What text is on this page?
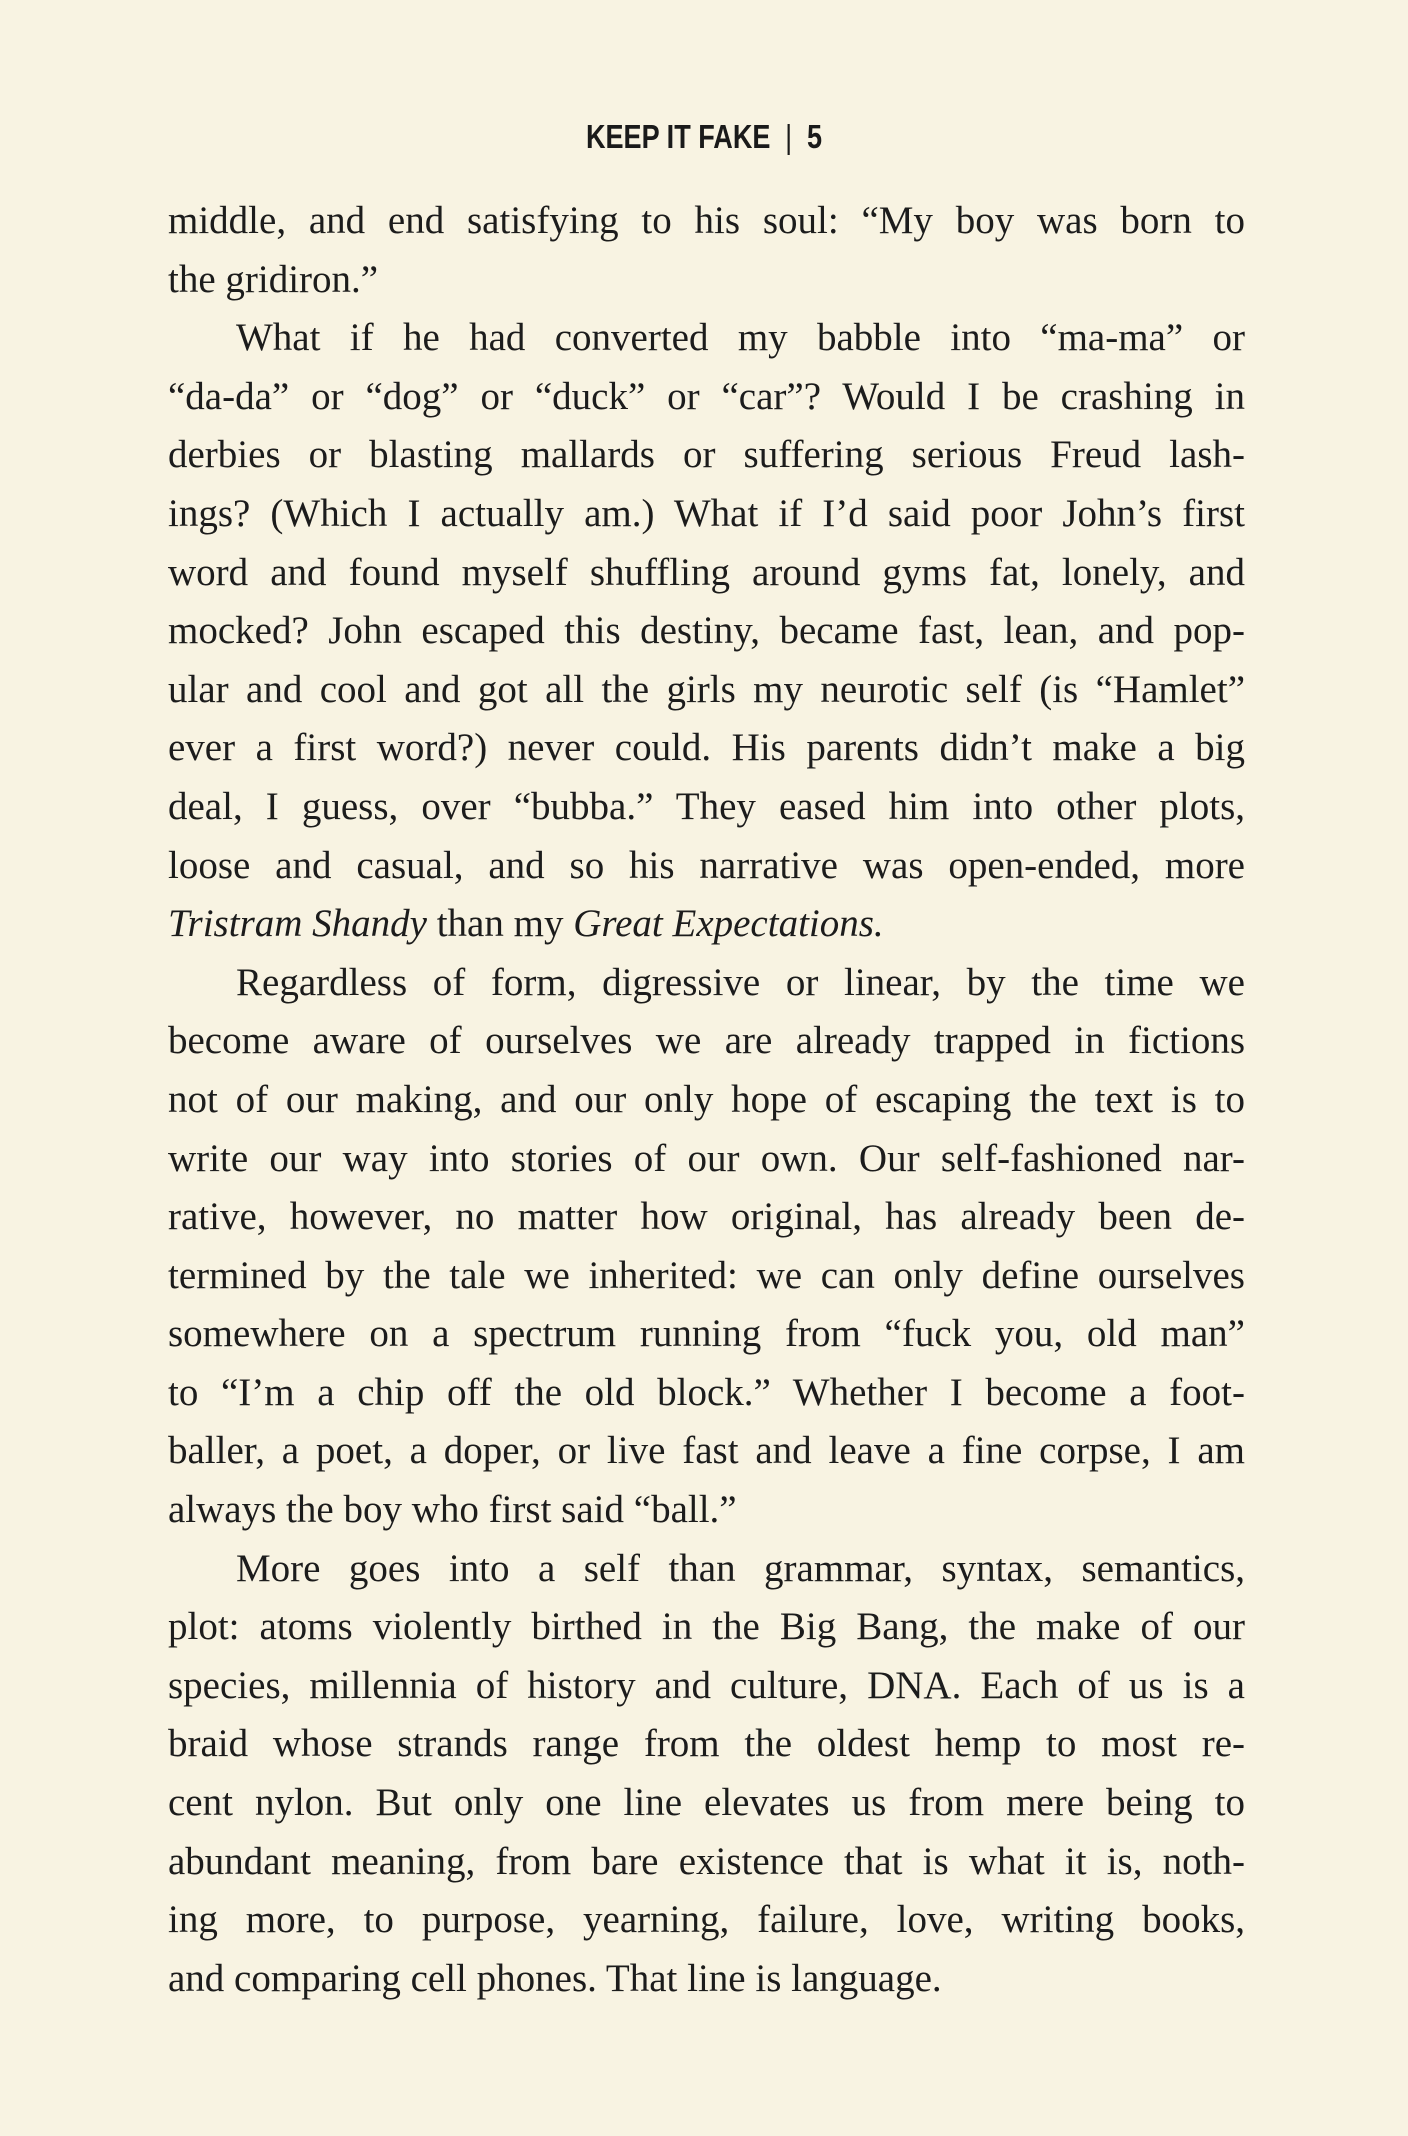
KEEP IT FAKE | 5
middle, and end satisfying to his soul: “My boy was born to
the gridiron.”
What if he had converted my babble into “ma-ma” or
“da-da” or “dog” or “duck” or “car”? Would I be crashing in
derbies or blasting mallards or suffering serious Freud lash-
ings? (Which I actually am.) What if I’d said poor John’s first
word and found myself shuffling around gyms fat, lonely, and
mocked? John escaped this destiny, became fast, lean, and pop-
ular and cool and got all the girls my neurotic self (is “Hamlet”
ever a first word?) never could. His parents didn’t make a big
deal, I guess, over “bubba.” They eased him into other plots,
loose and casual, and so his narrative was open-ended, more
Tristram Shandy than my Great Expectations.
Regardless of form, digressive or linear, by the time we
become aware of ourselves we are already trapped in fictions
not of our making, and our only hope of escaping the text is to
write our way into stories of our own. Our self-fashioned nar-
rative, however, no matter how original, has already been de-
termined by the tale we inherited: we can only define ourselves
somewhere on a spectrum running from “fuck you, old man”
to “I’m a chip off the old block.” Whether I become a foot-
baller, a poet, a doper, or live fast and leave a fine corpse, I am
always the boy who first said “ball.”
More goes into a self than grammar, syntax, semantics,
plot: atoms violently birthed in the Big Bang, the make of our
species, millennia of history and culture, DNA. Each of us is a
braid whose strands range from the oldest hemp to most re-
cent nylon. But only one line elevates us from mere being to
abundant meaning, from bare existence that is what it is, noth-
ing more, to purpose, yearning, failure, love, writing books,
and comparing cell phones. That line is language.
